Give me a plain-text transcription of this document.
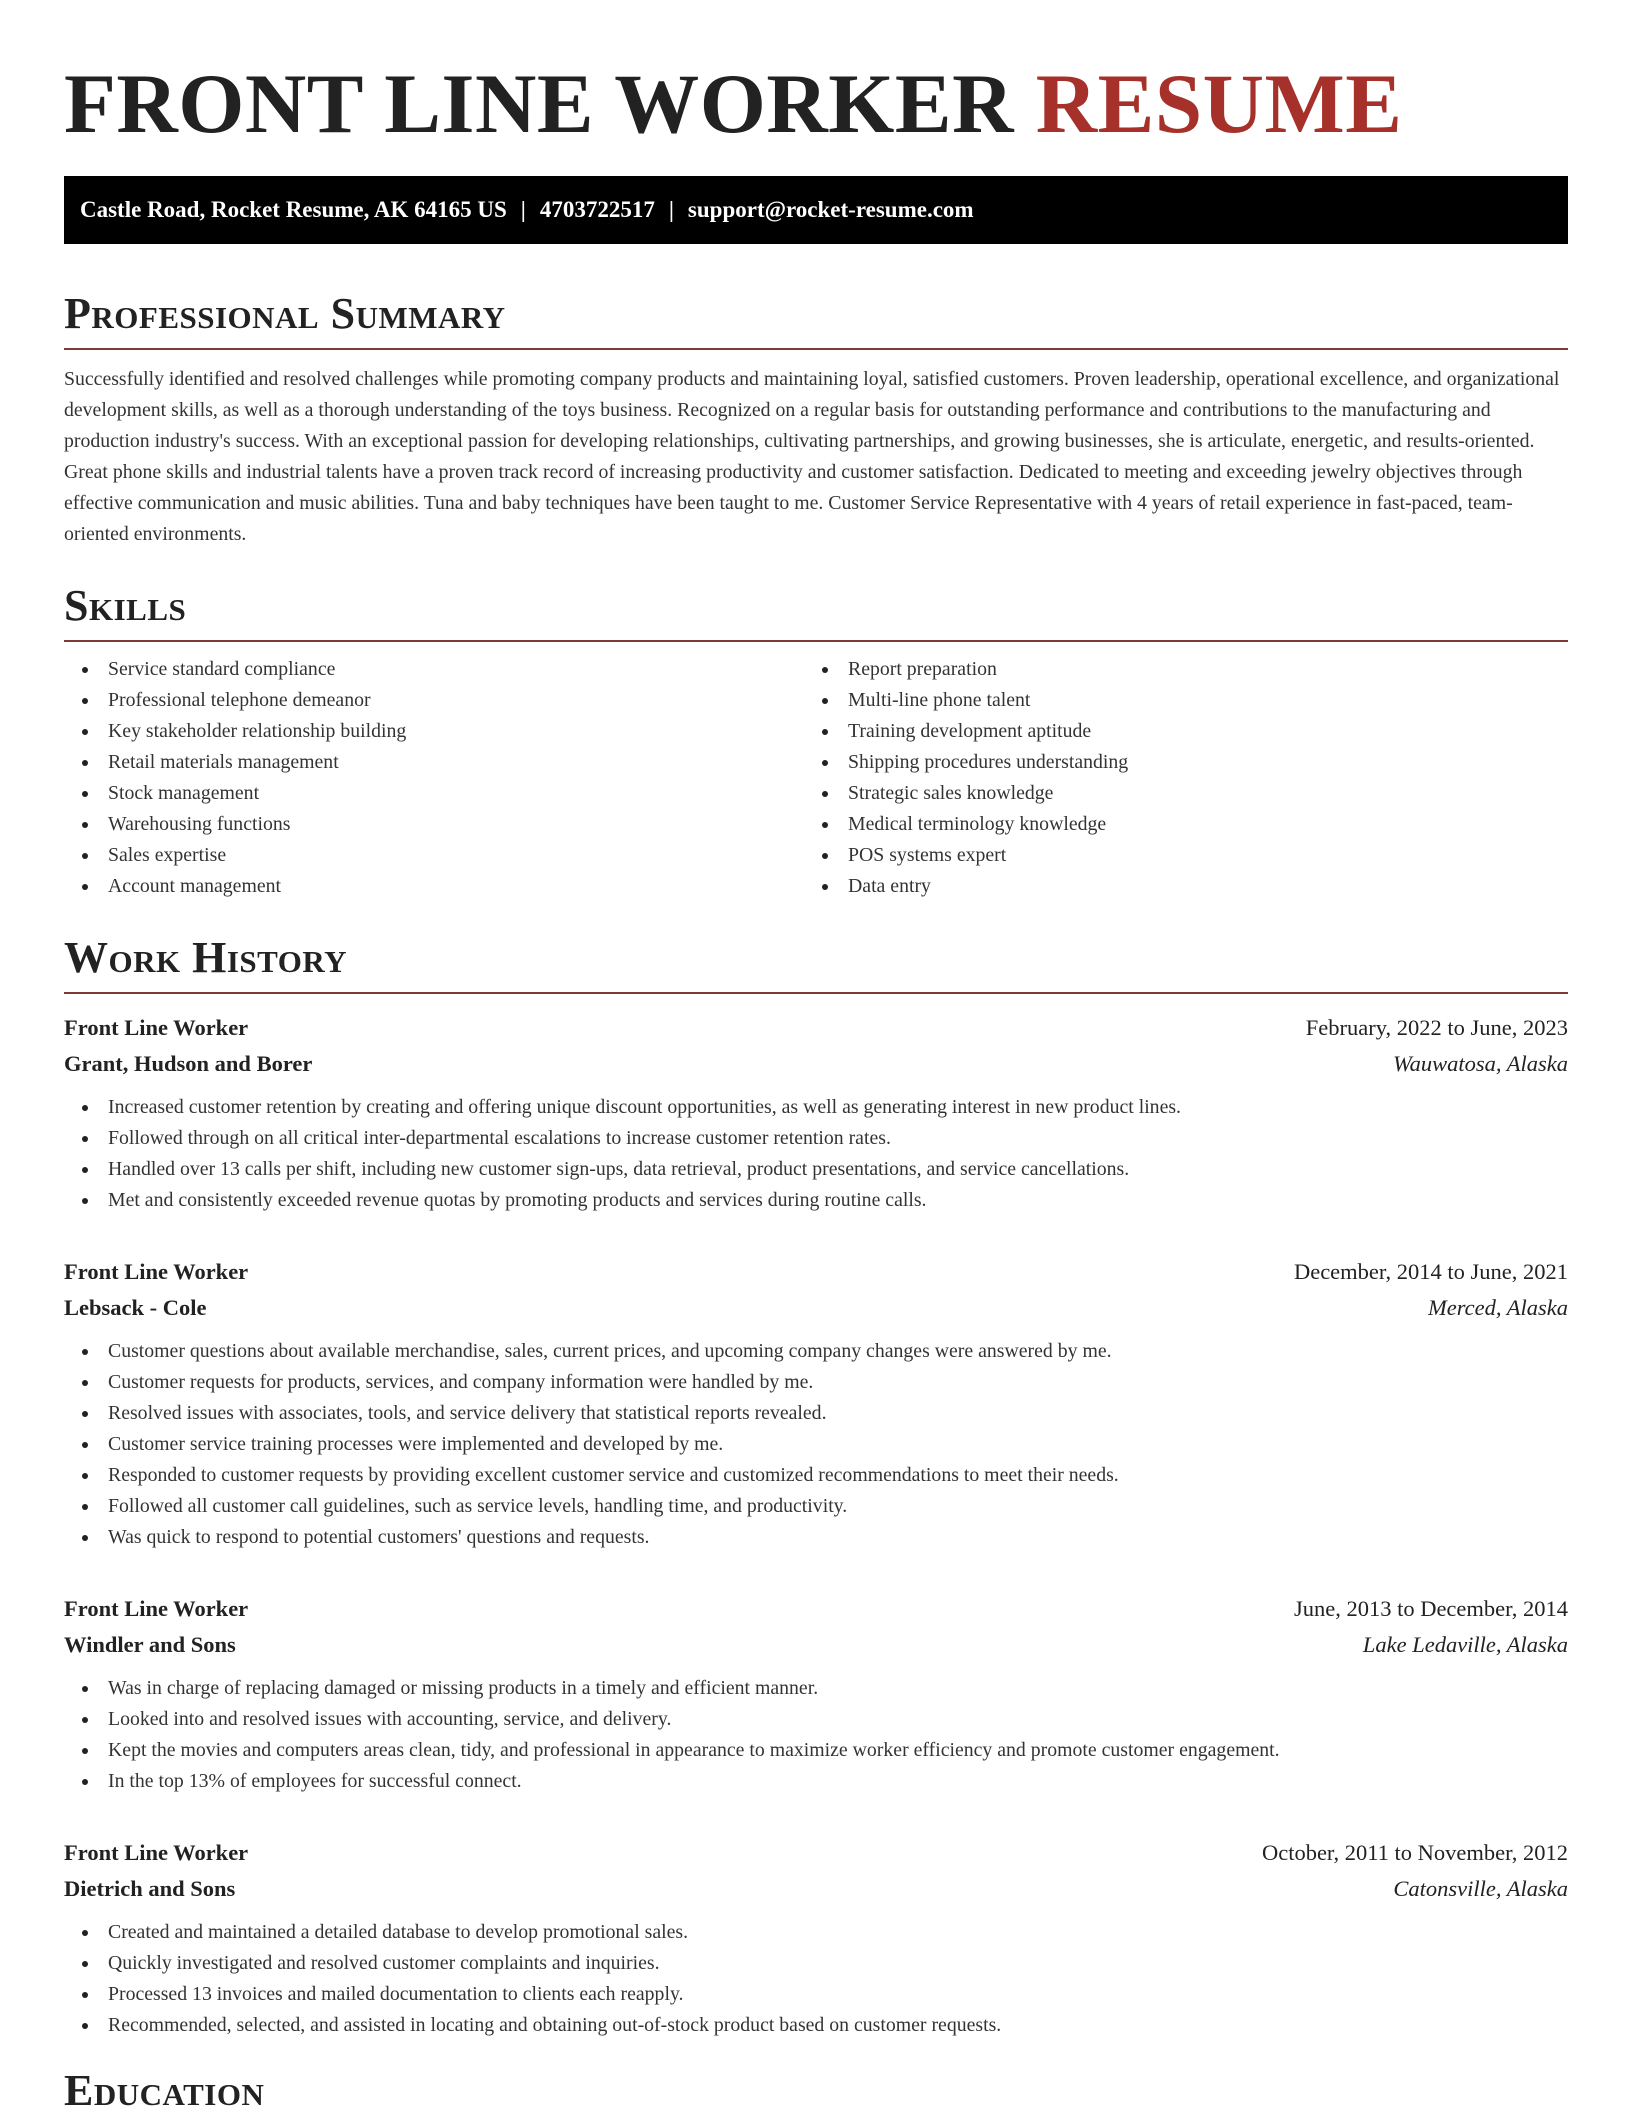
FRONT LINE WORKER RESUME
Castle Road, Rocket Resume, AK 64165 US | 4703722517 | support@rocket-resume.com
Professional Summary

Successfully identified and resolved challenges while promoting company products and maintaining loyal, satisfied customers. Proven leadership, operational excellence, and organizational development skills, as well as a thorough understanding of the toys business. Recognized on a regular basis for outstanding performance and contributions to the manufacturing and production industry's success. With an exceptional passion for developing relationships, cultivating partnerships, and growing businesses, she is articulate, energetic, and results-oriented. Great phone skills and industrial talents have a proven track record of increasing productivity and customer satisfaction. Dedicated to meeting and exceeding jewelry objectives through effective communication and music abilities. Tuna and baby techniques have been taught to me. Customer Service Representative with 4 years of retail experience in fast-paced, team-oriented environments.

Skills
Service standard compliance
Professional telephone demeanor
Key stakeholder relationship building
Retail materials management
Stock management
Warehousing functions
Sales expertise
Account management
Report preparation
Multi-line phone talent
Training development aptitude
Shipping procedures understanding
Strategic sales knowledge
Medical terminology knowledge
POS systems expert
Data entry
Work History
Front Line Worker	February, 2022 to June, 2023
Grant, Hudson and Borer	Wauwatosa, Alaska
Increased customer retention by creating and offering unique discount opportunities, as well as generating interest in new product lines.
Followed through on all critical inter-departmental escalations to increase customer retention rates.
Handled over 13 calls per shift, including new customer sign-ups, data retrieval, product presentations, and service cancellations.
Met and consistently exceeded revenue quotas by promoting products and services during routine calls.
Front Line Worker	December, 2014 to June, 2021
Lebsack - Cole	Merced, Alaska
Customer questions about available merchandise, sales, current prices, and upcoming company changes were answered by me.
Customer requests for products, services, and company information were handled by me.
Resolved issues with associates, tools, and service delivery that statistical reports revealed.
Customer service training processes were implemented and developed by me.
Responded to customer requests by providing excellent customer service and customized recommendations to meet their needs.
Followed all customer call guidelines, such as service levels, handling time, and productivity.
Was quick to respond to potential customers' questions and requests.
Front Line Worker	June, 2013 to December, 2014
Windler and Sons	Lake Ledaville, Alaska
Was in charge of replacing damaged or missing products in a timely and efficient manner.
Looked into and resolved issues with accounting, service, and delivery.
Kept the movies and computers areas clean, tidy, and professional in appearance to maximize worker efficiency and promote customer engagement.
In the top 13% of employees for successful connect.
Front Line Worker	October, 2011 to November, 2012
Dietrich and Sons	Catonsville, Alaska
Created and maintained a detailed database to develop promotional sales.
Quickly investigated and resolved customer complaints and inquiries.
Processed 13 invoices and mailed documentation to clients each reapply.
Recommended, selected, and assisted in locating and obtaining out-of-stock product based on customer requests.
Education
